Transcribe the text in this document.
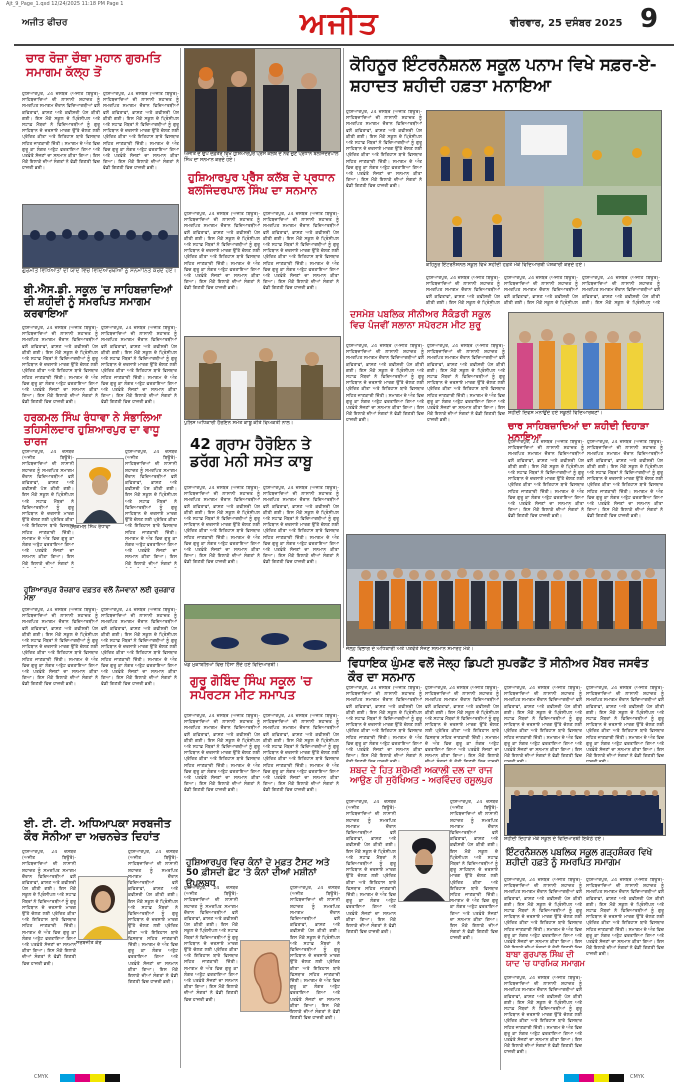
Ajt_9_Page_1.qxd 12/24/2025 11:18 PM Page 1
ਅਜੀਤ ਫੀਚਰ	ਅਜੀਤ	ਵੀਰਵਾਰ, 25 ਦਸੰਬਰ 2025 9
ਚਾਰ ਰੋਜ਼ਾ ਚੌਥਾ ਮਹਾਨ ਗੁਰਮਤਿ ਸਮਾਗਮ ਕੱਲ੍ਹ ਤੋਂ
ਹੁਸ਼ਿਆਰਪੁਰ, 24 ਦਸੰਬਰ (ਅਜੀਤ ਬਿਊਰੋ)- ਸਾਹਿਬਜ਼ਾਦਿਆਂ ਦੀ ਲਾਸਾਨੀ ਸ਼ਹਾਦਤ ਨੂੰ ਸਮਰਪਿਤ ਸਮਾਗਮ ਦੌਰਾਨ ਵਿਦਿਆਰਥੀਆਂ ਵਲੋਂ ਕਵਿਤਾਵਾਂ, ਭਾਸ਼ਣ ਅਤੇ ਕਵੀਸ਼ਰੀ ਪੇਸ਼ ਕੀਤੀ ਗਈ। ਇਸ ਮੌਕੇ ਸਕੂਲ ਦੇ ਪ੍ਰਿੰਸੀਪਲ ਅਤੇ ਸਟਾਫ਼ ਮੈਂਬਰਾਂ ਨੇ ਵਿਦਿਆਰਥੀਆਂ ਨੂੰ ਗੁਰੂ ਸਾਹਿਬਾਨ ਦੇ ਦਰਸਾਏ ਮਾਰਗ ਉੱਤੇ ਚੱਲਣ ਲਈ ਪ੍ਰੇਰਿਤ ਕੀਤਾ ਅਤੇ ਇਤਿਹਾਸ ਬਾਰੇ ਵਿਸਥਾਰ ਸਹਿਤ ਜਾਣਕਾਰੀ ਦਿੱਤੀ। ਸਮਾਗਮ ਦੇ ਅੰਤ ਵਿਚ ਗੁਰੂ ਕਾ ਲੰਗਰ ਅਤੁੱਟ ਵਰਤਾਇਆ ਗਿਆ ਅਤੇ ਪਤਵੰਤੇ ਸੱਜਣਾਂ ਦਾ ਸਨਮਾਨ ਕੀਤਾ ਗਿਆ। ਇਸ ਮੌਕੇ ਇਲਾਕੇ ਦੀਆਂ ਸੰਗਤਾਂ ਨੇ ਵੱਡੀ ਗਿਣਤੀ ਵਿਚ ਹਾਜ਼ਰੀ ਭਰੀ।
ਹੁਸ਼ਿਆਰਪੁਰ, 24 ਦਸੰਬਰ (ਅਜੀਤ ਬਿਊਰੋ)- ਸਾਹਿਬਜ਼ਾਦਿਆਂ ਦੀ ਲਾਸਾਨੀ ਸ਼ਹਾਦਤ ਨੂੰ ਸਮਰਪਿਤ ਸਮਾਗਮ ਦੌਰਾਨ ਵਿਦਿਆਰਥੀਆਂ ਵਲੋਂ ਕਵਿਤਾਵਾਂ, ਭਾਸ਼ਣ ਅਤੇ ਕਵੀਸ਼ਰੀ ਪੇਸ਼ ਕੀਤੀ ਗਈ। ਇਸ ਮੌਕੇ ਸਕੂਲ ਦੇ ਪ੍ਰਿੰਸੀਪਲ ਅਤੇ ਸਟਾਫ਼ ਮੈਂਬਰਾਂ ਨੇ ਵਿਦਿਆਰਥੀਆਂ ਨੂੰ ਗੁਰੂ ਸਾਹਿਬਾਨ ਦੇ ਦਰਸਾਏ ਮਾਰਗ ਉੱਤੇ ਚੱਲਣ ਲਈ ਪ੍ਰੇਰਿਤ ਕੀਤਾ ਅਤੇ ਇਤਿਹਾਸ ਬਾਰੇ ਵਿਸਥਾਰ ਸਹਿਤ ਜਾਣਕਾਰੀ ਦਿੱਤੀ। ਸਮਾਗਮ ਦੇ ਅੰਤ ਵਿਚ ਗੁਰੂ ਕਾ ਲੰਗਰ ਅਤੁੱਟ ਵਰਤਾਇਆ ਗਿਆ ਅਤੇ ਪਤਵੰਤੇ ਸੱਜਣਾਂ ਦਾ ਸਨਮਾਨ ਕੀਤਾ ਗਿਆ। ਇਸ ਮੌਕੇ ਇਲਾਕੇ ਦੀਆਂ ਸੰਗਤਾਂ ਨੇ ਵੱਡੀ ਗਿਣਤੀ ਵਿਚ ਹਾਜ਼ਰੀ ਭਰੀ।
ਗੁਰਮਤਿ ਵਿਖਿਆਤਾਂ ਦੀ ਯਾਦ ਵਿਚ ਵਿਦਿਆਰਥੀਆਂ ਨੂੰ ਸਨਮਾਨਿਤ ਕਰਦੇ ਹੋਏ।
ਬੀ.ਐਸ.ਡੀ. ਸਕੂਲ 'ਚ ਸਾਹਿਬਜ਼ਾਦਿਆਂ ਦੀ ਸ਼ਹੀਦੀ ਨੂੰ ਸਮਰਪਿਤ ਸਮਾਗਮ ਕਰਵਾਇਆ
ਹੁਸ਼ਿਆਰਪੁਰ, 24 ਦਸੰਬਰ (ਅਜੀਤ ਬਿਊਰੋ)- ਸਾਹਿਬਜ਼ਾਦਿਆਂ ਦੀ ਲਾਸਾਨੀ ਸ਼ਹਾਦਤ ਨੂੰ ਸਮਰਪਿਤ ਸਮਾਗਮ ਦੌਰਾਨ ਵਿਦਿਆਰਥੀਆਂ ਵਲੋਂ ਕਵਿਤਾਵਾਂ, ਭਾਸ਼ਣ ਅਤੇ ਕਵੀਸ਼ਰੀ ਪੇਸ਼ ਕੀਤੀ ਗਈ। ਇਸ ਮੌਕੇ ਸਕੂਲ ਦੇ ਪ੍ਰਿੰਸੀਪਲ ਅਤੇ ਸਟਾਫ਼ ਮੈਂਬਰਾਂ ਨੇ ਵਿਦਿਆਰਥੀਆਂ ਨੂੰ ਗੁਰੂ ਸਾਹਿਬਾਨ ਦੇ ਦਰਸਾਏ ਮਾਰਗ ਉੱਤੇ ਚੱਲਣ ਲਈ ਪ੍ਰੇਰਿਤ ਕੀਤਾ ਅਤੇ ਇਤਿਹਾਸ ਬਾਰੇ ਵਿਸਥਾਰ ਸਹਿਤ ਜਾਣਕਾਰੀ ਦਿੱਤੀ। ਸਮਾਗਮ ਦੇ ਅੰਤ ਵਿਚ ਗੁਰੂ ਕਾ ਲੰਗਰ ਅਤੁੱਟ ਵਰਤਾਇਆ ਗਿਆ ਅਤੇ ਪਤਵੰਤੇ ਸੱਜਣਾਂ ਦਾ ਸਨਮਾਨ ਕੀਤਾ ਗਿਆ। ਇਸ ਮੌਕੇ ਇਲਾਕੇ ਦੀਆਂ ਸੰਗਤਾਂ ਨੇ ਵੱਡੀ ਗਿਣਤੀ ਵਿਚ ਹਾਜ਼ਰੀ ਭਰੀ।
ਹੁਸ਼ਿਆਰਪੁਰ, 24 ਦਸੰਬਰ (ਅਜੀਤ ਬਿਊਰੋ)- ਸਾਹਿਬਜ਼ਾਦਿਆਂ ਦੀ ਲਾਸਾਨੀ ਸ਼ਹਾਦਤ ਨੂੰ ਸਮਰਪਿਤ ਸਮਾਗਮ ਦੌਰਾਨ ਵਿਦਿਆਰਥੀਆਂ ਵਲੋਂ ਕਵਿਤਾਵਾਂ, ਭਾਸ਼ਣ ਅਤੇ ਕਵੀਸ਼ਰੀ ਪੇਸ਼ ਕੀਤੀ ਗਈ। ਇਸ ਮੌਕੇ ਸਕੂਲ ਦੇ ਪ੍ਰਿੰਸੀਪਲ ਅਤੇ ਸਟਾਫ਼ ਮੈਂਬਰਾਂ ਨੇ ਵਿਦਿਆਰਥੀਆਂ ਨੂੰ ਗੁਰੂ ਸਾਹਿਬਾਨ ਦੇ ਦਰਸਾਏ ਮਾਰਗ ਉੱਤੇ ਚੱਲਣ ਲਈ ਪ੍ਰੇਰਿਤ ਕੀਤਾ ਅਤੇ ਇਤਿਹਾਸ ਬਾਰੇ ਵਿਸਥਾਰ ਸਹਿਤ ਜਾਣਕਾਰੀ ਦਿੱਤੀ। ਸਮਾਗਮ ਦੇ ਅੰਤ ਵਿਚ ਗੁਰੂ ਕਾ ਲੰਗਰ ਅਤੁੱਟ ਵਰਤਾਇਆ ਗਿਆ ਅਤੇ ਪਤਵੰਤੇ ਸੱਜਣਾਂ ਦਾ ਸਨਮਾਨ ਕੀਤਾ ਗਿਆ। ਇਸ ਮੌਕੇ ਇਲਾਕੇ ਦੀਆਂ ਸੰਗਤਾਂ ਨੇ ਵੱਡੀ ਗਿਣਤੀ ਵਿਚ ਹਾਜ਼ਰੀ ਭਰੀ।
ਹਰਕਮਲ ਸਿੰਘ ਰੰਧਾਵਾ ਨੇ ਸੰਭਾਲਿਆ ਤਹਿਸੀਲਦਾਰ ਹੁਸ਼ਿਆਰਪੁਰ ਦਾ ਵਾਧੂ ਚਾਰਜ
ਹੁਸ਼ਿਆਰਪੁਰ, 24 ਦਸੰਬਰ (ਅਜੀਤ ਬਿਊਰੋ)- ਸਾਹਿਬਜ਼ਾਦਿਆਂ ਦੀ ਲਾਸਾਨੀ ਸ਼ਹਾਦਤ ਨੂੰ ਸਮਰਪਿਤ ਸਮਾਗਮ ਦੌਰਾਨ ਵਿਦਿਆਰਥੀਆਂ ਵਲੋਂ ਕਵਿਤਾਵਾਂ, ਭਾਸ਼ਣ ਅਤੇ ਕਵੀਸ਼ਰੀ ਪੇਸ਼ ਕੀਤੀ ਗਈ। ਇਸ ਮੌਕੇ ਸਕੂਲ ਦੇ ਪ੍ਰਿੰਸੀਪਲ ਅਤੇ ਸਟਾਫ਼ ਮੈਂਬਰਾਂ ਨੇ ਵਿਦਿਆਰਥੀਆਂ ਨੂੰ ਗੁਰੂ ਸਾਹਿਬਾਨ ਦੇ ਦਰਸਾਏ ਮਾਰਗ ਉੱਤੇ ਚੱਲਣ ਲਈ ਪ੍ਰੇਰਿਤ ਕੀਤਾ ਅਤੇ ਇਤਿਹਾਸ ਬਾਰੇ ਵਿਸਥਾਰ ਸਹਿਤ ਜਾਣਕਾਰੀ ਦਿੱਤੀ। ਸਮਾਗਮ ਦੇ ਅੰਤ ਵਿਚ ਗੁਰੂ ਕਾ ਲੰਗਰ ਅਤੁੱਟ ਵਰਤਾਇਆ ਗਿਆ ਅਤੇ ਪਤਵੰਤੇ ਸੱਜਣਾਂ ਦਾ ਸਨਮਾਨ ਕੀਤਾ ਗਿਆ। ਇਸ ਮੌਕੇ ਇਲਾਕੇ ਦੀਆਂ ਸੰਗਤਾਂ ਨੇ
ਹਰਕਮਲ ਸਿੰਘ ਰੰਧਾਵਾ
ਹੁਸ਼ਿਆਰਪੁਰ, 24 ਦਸੰਬਰ (ਅਜੀਤ ਬਿਊਰੋ)- ਸਾਹਿਬਜ਼ਾਦਿਆਂ ਦੀ ਲਾਸਾਨੀ ਸ਼ਹਾਦਤ ਨੂੰ ਸਮਰਪਿਤ ਸਮਾਗਮ ਦੌਰਾਨ ਵਿਦਿਆਰਥੀਆਂ ਵਲੋਂ ਕਵਿਤਾਵਾਂ, ਭਾਸ਼ਣ ਅਤੇ ਕਵੀਸ਼ਰੀ ਪੇਸ਼ ਕੀਤੀ ਗਈ। ਇਸ ਮੌਕੇ ਸਕੂਲ ਦੇ ਪ੍ਰਿੰਸੀਪਲ ਅਤੇ ਸਟਾਫ਼ ਮੈਂਬਰਾਂ ਨੇ ਵਿਦਿਆਰਥੀਆਂ ਨੂੰ ਗੁਰੂ ਸਾਹਿਬਾਨ ਦੇ ਦਰਸਾਏ ਮਾਰਗ ਉੱਤੇ ਚੱਲਣ ਲਈ ਪ੍ਰੇਰਿਤ ਕੀਤਾ ਅਤੇ ਇਤਿਹਾਸ ਬਾਰੇ ਵਿਸਥਾਰ ਸਹਿਤ ਜਾਣਕਾਰੀ ਦਿੱਤੀ। ਸਮਾਗਮ ਦੇ ਅੰਤ ਵਿਚ ਗੁਰੂ ਕਾ ਲੰਗਰ ਅਤੁੱਟ ਵਰਤਾਇਆ ਗਿਆ ਅਤੇ ਪਤਵੰਤੇ ਸੱਜਣਾਂ ਦਾ ਸਨਮਾਨ ਕੀਤਾ ਗਿਆ। ਇਸ ਮੌਕੇ ਇਲਾਕੇ ਦੀਆਂ ਸੰਗਤਾਂ ਨੇ
ਹੁਸ਼ਿਆਰਪੁਰ ਰੋਜ਼ਗਾਰ ਦਫ਼ਤਰ ਵਲੋਂ ਨੌਜਵਾਨਾਂ ਲਈ ਰੁਜ਼ਗਾਰ ਮੇਲਾ
ਹੁਸ਼ਿਆਰਪੁਰ, 24 ਦਸੰਬਰ (ਅਜੀਤ ਬਿਊਰੋ)- ਸਾਹਿਬਜ਼ਾਦਿਆਂ ਦੀ ਲਾਸਾਨੀ ਸ਼ਹਾਦਤ ਨੂੰ ਸਮਰਪਿਤ ਸਮਾਗਮ ਦੌਰਾਨ ਵਿਦਿਆਰਥੀਆਂ ਵਲੋਂ ਕਵਿਤਾਵਾਂ, ਭਾਸ਼ਣ ਅਤੇ ਕਵੀਸ਼ਰੀ ਪੇਸ਼ ਕੀਤੀ ਗਈ। ਇਸ ਮੌਕੇ ਸਕੂਲ ਦੇ ਪ੍ਰਿੰਸੀਪਲ ਅਤੇ ਸਟਾਫ਼ ਮੈਂਬਰਾਂ ਨੇ ਵਿਦਿਆਰਥੀਆਂ ਨੂੰ ਗੁਰੂ ਸਾਹਿਬਾਨ ਦੇ ਦਰਸਾਏ ਮਾਰਗ ਉੱਤੇ ਚੱਲਣ ਲਈ ਪ੍ਰੇਰਿਤ ਕੀਤਾ ਅਤੇ ਇਤਿਹਾਸ ਬਾਰੇ ਵਿਸਥਾਰ ਸਹਿਤ ਜਾਣਕਾਰੀ ਦਿੱਤੀ। ਸਮਾਗਮ ਦੇ ਅੰਤ ਵਿਚ ਗੁਰੂ ਕਾ ਲੰਗਰ ਅਤੁੱਟ ਵਰਤਾਇਆ ਗਿਆ ਅਤੇ ਪਤਵੰਤੇ ਸੱਜਣਾਂ ਦਾ ਸਨਮਾਨ ਕੀਤਾ ਗਿਆ। ਇਸ ਮੌਕੇ ਇਲਾਕੇ ਦੀਆਂ ਸੰਗਤਾਂ ਨੇ ਵੱਡੀ ਗਿਣਤੀ ਵਿਚ ਹਾਜ਼ਰੀ ਭਰੀ।
ਹੁਸ਼ਿਆਰਪੁਰ, 24 ਦਸੰਬਰ (ਅਜੀਤ ਬਿਊਰੋ)- ਸਾਹਿਬਜ਼ਾਦਿਆਂ ਦੀ ਲਾਸਾਨੀ ਸ਼ਹਾਦਤ ਨੂੰ ਸਮਰਪਿਤ ਸਮਾਗਮ ਦੌਰਾਨ ਵਿਦਿਆਰਥੀਆਂ ਵਲੋਂ ਕਵਿਤਾਵਾਂ, ਭਾਸ਼ਣ ਅਤੇ ਕਵੀਸ਼ਰੀ ਪੇਸ਼ ਕੀਤੀ ਗਈ। ਇਸ ਮੌਕੇ ਸਕੂਲ ਦੇ ਪ੍ਰਿੰਸੀਪਲ ਅਤੇ ਸਟਾਫ਼ ਮੈਂਬਰਾਂ ਨੇ ਵਿਦਿਆਰਥੀਆਂ ਨੂੰ ਗੁਰੂ ਸਾਹਿਬਾਨ ਦੇ ਦਰਸਾਏ ਮਾਰਗ ਉੱਤੇ ਚੱਲਣ ਲਈ ਪ੍ਰੇਰਿਤ ਕੀਤਾ ਅਤੇ ਇਤਿਹਾਸ ਬਾਰੇ ਵਿਸਥਾਰ ਸਹਿਤ ਜਾਣਕਾਰੀ ਦਿੱਤੀ। ਸਮਾਗਮ ਦੇ ਅੰਤ ਵਿਚ ਗੁਰੂ ਕਾ ਲੰਗਰ ਅਤੁੱਟ ਵਰਤਾਇਆ ਗਿਆ ਅਤੇ ਪਤਵੰਤੇ ਸੱਜਣਾਂ ਦਾ ਸਨਮਾਨ ਕੀਤਾ ਗਿਆ। ਇਸ ਮੌਕੇ ਇਲਾਕੇ ਦੀਆਂ ਸੰਗਤਾਂ ਨੇ ਵੱਡੀ ਗਿਣਤੀ ਵਿਚ ਹਾਜ਼ਰੀ ਭਰੀ।
ਈ. ਟੀ. ਟੀ. ਅਧਿਆਪਕਾ ਸਰਬਜੀਤ ਕੌਰ ਸੋਨੀਆ ਦਾ ਅਚਨਚੇਤ ਦਿਹਾਂਤ
ਹੁਸ਼ਿਆਰਪੁਰ, 24 ਦਸੰਬਰ (ਅਜੀਤ ਬਿਊਰੋ)- ਸਾਹਿਬਜ਼ਾਦਿਆਂ ਦੀ ਲਾਸਾਨੀ ਸ਼ਹਾਦਤ ਨੂੰ ਸਮਰਪਿਤ ਸਮਾਗਮ ਦੌਰਾਨ ਵਿਦਿਆਰਥੀਆਂ ਵਲੋਂ ਕਵਿਤਾਵਾਂ, ਭਾਸ਼ਣ ਅਤੇ ਕਵੀਸ਼ਰੀ ਪੇਸ਼ ਕੀਤੀ ਗਈ। ਇਸ ਮੌਕੇ ਸਕੂਲ ਦੇ ਪ੍ਰਿੰਸੀਪਲ ਅਤੇ ਸਟਾਫ਼ ਮੈਂਬਰਾਂ ਨੇ ਵਿਦਿਆਰਥੀਆਂ ਨੂੰ ਗੁਰੂ ਸਾਹਿਬਾਨ ਦੇ ਦਰਸਾਏ ਮਾਰਗ ਉੱਤੇ ਚੱਲਣ ਲਈ ਪ੍ਰੇਰਿਤ ਕੀਤਾ ਅਤੇ ਇਤਿਹਾਸ ਬਾਰੇ ਵਿਸਥਾਰ ਸਹਿਤ ਜਾਣਕਾਰੀ ਦਿੱਤੀ। ਸਮਾਗਮ ਦੇ ਅੰਤ ਵਿਚ ਗੁਰੂ ਕਾ ਲੰਗਰ ਅਤੁੱਟ ਵਰਤਾਇਆ ਗਿਆ ਅਤੇ ਪਤਵੰਤੇ ਸੱਜਣਾਂ ਦਾ ਸਨਮਾਨ ਕੀਤਾ ਗਿਆ। ਇਸ ਮੌਕੇ ਇਲਾਕੇ ਦੀਆਂ ਸੰਗਤਾਂ ਨੇ ਵੱਡੀ ਗਿਣਤੀ ਵਿਚ ਹਾਜ਼ਰੀ ਭਰੀ।
ਸਰਬਜੀਤ ਕੌਰ
ਹੁਸ਼ਿਆਰਪੁਰ, 24 ਦਸੰਬਰ (ਅਜੀਤ ਬਿਊਰੋ)- ਸਾਹਿਬਜ਼ਾਦਿਆਂ ਦੀ ਲਾਸਾਨੀ ਸ਼ਹਾਦਤ ਨੂੰ ਸਮਰਪਿਤ ਸਮਾਗਮ ਦੌਰਾਨ ਵਿਦਿਆਰਥੀਆਂ ਵਲੋਂ ਕਵਿਤਾਵਾਂ, ਭਾਸ਼ਣ ਅਤੇ ਕਵੀਸ਼ਰੀ ਪੇਸ਼ ਕੀਤੀ ਗਈ। ਇਸ ਮੌਕੇ ਸਕੂਲ ਦੇ ਪ੍ਰਿੰਸੀਪਲ ਅਤੇ ਸਟਾਫ਼ ਮੈਂਬਰਾਂ ਨੇ ਵਿਦਿਆਰਥੀਆਂ ਨੂੰ ਗੁਰੂ ਸਾਹਿਬਾਨ ਦੇ ਦਰਸਾਏ ਮਾਰਗ ਉੱਤੇ ਚੱਲਣ ਲਈ ਪ੍ਰੇਰਿਤ ਕੀਤਾ ਅਤੇ ਇਤਿਹਾਸ ਬਾਰੇ ਵਿਸਥਾਰ ਸਹਿਤ ਜਾਣਕਾਰੀ ਦਿੱਤੀ। ਸਮਾਗਮ ਦੇ ਅੰਤ ਵਿਚ ਗੁਰੂ ਕਾ ਲੰਗਰ ਅਤੁੱਟ ਵਰਤਾਇਆ ਗਿਆ ਅਤੇ ਪਤਵੰਤੇ ਸੱਜਣਾਂ ਦਾ ਸਨਮਾਨ ਕੀਤਾ ਗਿਆ। ਇਸ ਮੌਕੇ ਇਲਾਕੇ ਦੀਆਂ ਸੰਗਤਾਂ ਨੇ ਵੱਡੀ ਗਿਣਤੀ ਵਿਚ ਹਾਜ਼ਰੀ ਭਰੀ।
ਅਜੀਤ ਦੇ ਉਪ ਦਫ਼ਤਰ ਵਿਖੇ ਹੁਸ਼ਿਆਰਪੁਰ ਪ੍ਰੈੱਸ ਕਲੱਬ ਦੇ ਨਵੇਂ ਚੁਣੇ ਪ੍ਰਧਾਨ ਬਲਜਿੰਦਰਪਾਲ ਸਿੰਘ ਦਾ ਸਨਮਾਨ ਕਰਦੇ ਹੋਏ।
ਹੁਸ਼ਿਆਰਪੁਰ ਪ੍ਰੈੱਸ ਕਲੱਬ ਦੇ ਪ੍ਰਧਾਨ ਬਲਜਿੰਦਰਪਾਲ ਸਿੰਘ ਦਾ ਸਨਮਾਨ
ਹੁਸ਼ਿਆਰਪੁਰ, 24 ਦਸੰਬਰ (ਅਜੀਤ ਬਿਊਰੋ)- ਸਾਹਿਬਜ਼ਾਦਿਆਂ ਦੀ ਲਾਸਾਨੀ ਸ਼ਹਾਦਤ ਨੂੰ ਸਮਰਪਿਤ ਸਮਾਗਮ ਦੌਰਾਨ ਵਿਦਿਆਰਥੀਆਂ ਵਲੋਂ ਕਵਿਤਾਵਾਂ, ਭਾਸ਼ਣ ਅਤੇ ਕਵੀਸ਼ਰੀ ਪੇਸ਼ ਕੀਤੀ ਗਈ। ਇਸ ਮੌਕੇ ਸਕੂਲ ਦੇ ਪ੍ਰਿੰਸੀਪਲ ਅਤੇ ਸਟਾਫ਼ ਮੈਂਬਰਾਂ ਨੇ ਵਿਦਿਆਰਥੀਆਂ ਨੂੰ ਗੁਰੂ ਸਾਹਿਬਾਨ ਦੇ ਦਰਸਾਏ ਮਾਰਗ ਉੱਤੇ ਚੱਲਣ ਲਈ ਪ੍ਰੇਰਿਤ ਕੀਤਾ ਅਤੇ ਇਤਿਹਾਸ ਬਾਰੇ ਵਿਸਥਾਰ ਸਹਿਤ ਜਾਣਕਾਰੀ ਦਿੱਤੀ। ਸਮਾਗਮ ਦੇ ਅੰਤ ਵਿਚ ਗੁਰੂ ਕਾ ਲੰਗਰ ਅਤੁੱਟ ਵਰਤਾਇਆ ਗਿਆ ਅਤੇ ਪਤਵੰਤੇ ਸੱਜਣਾਂ ਦਾ ਸਨਮਾਨ ਕੀਤਾ ਗਿਆ। ਇਸ ਮੌਕੇ ਇਲਾਕੇ ਦੀਆਂ ਸੰਗਤਾਂ ਨੇ ਵੱਡੀ ਗਿਣਤੀ ਵਿਚ ਹਾਜ਼ਰੀ ਭਰੀ।
ਹੁਸ਼ਿਆਰਪੁਰ, 24 ਦਸੰਬਰ (ਅਜੀਤ ਬਿਊਰੋ)- ਸਾਹਿਬਜ਼ਾਦਿਆਂ ਦੀ ਲਾਸਾਨੀ ਸ਼ਹਾਦਤ ਨੂੰ ਸਮਰਪਿਤ ਸਮਾਗਮ ਦੌਰਾਨ ਵਿਦਿਆਰਥੀਆਂ ਵਲੋਂ ਕਵਿਤਾਵਾਂ, ਭਾਸ਼ਣ ਅਤੇ ਕਵੀਸ਼ਰੀ ਪੇਸ਼ ਕੀਤੀ ਗਈ। ਇਸ ਮੌਕੇ ਸਕੂਲ ਦੇ ਪ੍ਰਿੰਸੀਪਲ ਅਤੇ ਸਟਾਫ਼ ਮੈਂਬਰਾਂ ਨੇ ਵਿਦਿਆਰਥੀਆਂ ਨੂੰ ਗੁਰੂ ਸਾਹਿਬਾਨ ਦੇ ਦਰਸਾਏ ਮਾਰਗ ਉੱਤੇ ਚੱਲਣ ਲਈ ਪ੍ਰੇਰਿਤ ਕੀਤਾ ਅਤੇ ਇਤਿਹਾਸ ਬਾਰੇ ਵਿਸਥਾਰ ਸਹਿਤ ਜਾਣਕਾਰੀ ਦਿੱਤੀ। ਸਮਾਗਮ ਦੇ ਅੰਤ ਵਿਚ ਗੁਰੂ ਕਾ ਲੰਗਰ ਅਤੁੱਟ ਵਰਤਾਇਆ ਗਿਆ ਅਤੇ ਪਤਵੰਤੇ ਸੱਜਣਾਂ ਦਾ ਸਨਮਾਨ ਕੀਤਾ ਗਿਆ। ਇਸ ਮੌਕੇ ਇਲਾਕੇ ਦੀਆਂ ਸੰਗਤਾਂ ਨੇ ਵੱਡੀ ਗਿਣਤੀ ਵਿਚ ਹਾਜ਼ਰੀ ਭਰੀ।
ਪੁਲਿਸ ਅਧਿਕਾਰੀ ਹੈਰੋਇਨ ਸਮੇਤ ਕਾਬੂ ਕੀਤੇ ਵਿਅਕਤੀ ਨਾਲ।
42 ਗ੍ਰਾਮ ਹੈਰੋਇਨ ਤੇ ਡਰੱਗ ਮਨੀ ਸਮੇਤ ਕਾਬੂ
ਹੁਸ਼ਿਆਰਪੁਰ, 24 ਦਸੰਬਰ (ਅਜੀਤ ਬਿਊਰੋ)- ਸਾਹਿਬਜ਼ਾਦਿਆਂ ਦੀ ਲਾਸਾਨੀ ਸ਼ਹਾਦਤ ਨੂੰ ਸਮਰਪਿਤ ਸਮਾਗਮ ਦੌਰਾਨ ਵਿਦਿਆਰਥੀਆਂ ਵਲੋਂ ਕਵਿਤਾਵਾਂ, ਭਾਸ਼ਣ ਅਤੇ ਕਵੀਸ਼ਰੀ ਪੇਸ਼ ਕੀਤੀ ਗਈ। ਇਸ ਮੌਕੇ ਸਕੂਲ ਦੇ ਪ੍ਰਿੰਸੀਪਲ ਅਤੇ ਸਟਾਫ਼ ਮੈਂਬਰਾਂ ਨੇ ਵਿਦਿਆਰਥੀਆਂ ਨੂੰ ਗੁਰੂ ਸਾਹਿਬਾਨ ਦੇ ਦਰਸਾਏ ਮਾਰਗ ਉੱਤੇ ਚੱਲਣ ਲਈ ਪ੍ਰੇਰਿਤ ਕੀਤਾ ਅਤੇ ਇਤਿਹਾਸ ਬਾਰੇ ਵਿਸਥਾਰ ਸਹਿਤ ਜਾਣਕਾਰੀ ਦਿੱਤੀ। ਸਮਾਗਮ ਦੇ ਅੰਤ ਵਿਚ ਗੁਰੂ ਕਾ ਲੰਗਰ ਅਤੁੱਟ ਵਰਤਾਇਆ ਗਿਆ ਅਤੇ ਪਤਵੰਤੇ ਸੱਜਣਾਂ ਦਾ ਸਨਮਾਨ ਕੀਤਾ ਗਿਆ। ਇਸ ਮੌਕੇ ਇਲਾਕੇ ਦੀਆਂ ਸੰਗਤਾਂ ਨੇ ਵੱਡੀ ਗਿਣਤੀ ਵਿਚ ਹਾਜ਼ਰੀ ਭਰੀ।
ਹੁਸ਼ਿਆਰਪੁਰ, 24 ਦਸੰਬਰ (ਅਜੀਤ ਬਿਊਰੋ)- ਸਾਹਿਬਜ਼ਾਦਿਆਂ ਦੀ ਲਾਸਾਨੀ ਸ਼ਹਾਦਤ ਨੂੰ ਸਮਰਪਿਤ ਸਮਾਗਮ ਦੌਰਾਨ ਵਿਦਿਆਰਥੀਆਂ ਵਲੋਂ ਕਵਿਤਾਵਾਂ, ਭਾਸ਼ਣ ਅਤੇ ਕਵੀਸ਼ਰੀ ਪੇਸ਼ ਕੀਤੀ ਗਈ। ਇਸ ਮੌਕੇ ਸਕੂਲ ਦੇ ਪ੍ਰਿੰਸੀਪਲ ਅਤੇ ਸਟਾਫ਼ ਮੈਂਬਰਾਂ ਨੇ ਵਿਦਿਆਰਥੀਆਂ ਨੂੰ ਗੁਰੂ ਸਾਹਿਬਾਨ ਦੇ ਦਰਸਾਏ ਮਾਰਗ ਉੱਤੇ ਚੱਲਣ ਲਈ ਪ੍ਰੇਰਿਤ ਕੀਤਾ ਅਤੇ ਇਤਿਹਾਸ ਬਾਰੇ ਵਿਸਥਾਰ ਸਹਿਤ ਜਾਣਕਾਰੀ ਦਿੱਤੀ। ਸਮਾਗਮ ਦੇ ਅੰਤ ਵਿਚ ਗੁਰੂ ਕਾ ਲੰਗਰ ਅਤੁੱਟ ਵਰਤਾਇਆ ਗਿਆ ਅਤੇ ਪਤਵੰਤੇ ਸੱਜਣਾਂ ਦਾ ਸਨਮਾਨ ਕੀਤਾ ਗਿਆ। ਇਸ ਮੌਕੇ ਇਲਾਕੇ ਦੀਆਂ ਸੰਗਤਾਂ ਨੇ ਵੱਡੀ ਗਿਣਤੀ ਵਿਚ ਹਾਜ਼ਰੀ ਭਰੀ।
ਖੇਡ ਮੁਕਾਬਲਿਆਂ ਵਿਚ ਹਿੱਸਾ ਲੈਂਦੇ ਹੋਏ ਵਿਦਿਆਰਥੀ।
ਗੁਰੂ ਗੋਬਿੰਦ ਸਿੰਘ ਸਕੂਲ 'ਚ ਸਪੋਰਟਸ ਮੀਟ ਸਮਾਪਤ
ਹੁਸ਼ਿਆਰਪੁਰ, 24 ਦਸੰਬਰ (ਅਜੀਤ ਬਿਊਰੋ)- ਸਾਹਿਬਜ਼ਾਦਿਆਂ ਦੀ ਲਾਸਾਨੀ ਸ਼ਹਾਦਤ ਨੂੰ ਸਮਰਪਿਤ ਸਮਾਗਮ ਦੌਰਾਨ ਵਿਦਿਆਰਥੀਆਂ ਵਲੋਂ ਕਵਿਤਾਵਾਂ, ਭਾਸ਼ਣ ਅਤੇ ਕਵੀਸ਼ਰੀ ਪੇਸ਼ ਕੀਤੀ ਗਈ। ਇਸ ਮੌਕੇ ਸਕੂਲ ਦੇ ਪ੍ਰਿੰਸੀਪਲ ਅਤੇ ਸਟਾਫ਼ ਮੈਂਬਰਾਂ ਨੇ ਵਿਦਿਆਰਥੀਆਂ ਨੂੰ ਗੁਰੂ ਸਾਹਿਬਾਨ ਦੇ ਦਰਸਾਏ ਮਾਰਗ ਉੱਤੇ ਚੱਲਣ ਲਈ ਪ੍ਰੇਰਿਤ ਕੀਤਾ ਅਤੇ ਇਤਿਹਾਸ ਬਾਰੇ ਵਿਸਥਾਰ ਸਹਿਤ ਜਾਣਕਾਰੀ ਦਿੱਤੀ। ਸਮਾਗਮ ਦੇ ਅੰਤ ਵਿਚ ਗੁਰੂ ਕਾ ਲੰਗਰ ਅਤੁੱਟ ਵਰਤਾਇਆ ਗਿਆ ਅਤੇ ਪਤਵੰਤੇ ਸੱਜਣਾਂ ਦਾ ਸਨਮਾਨ ਕੀਤਾ ਗਿਆ। ਇਸ ਮੌਕੇ ਇਲਾਕੇ ਦੀਆਂ ਸੰਗਤਾਂ ਨੇ ਵੱਡੀ ਗਿਣਤੀ ਵਿਚ ਹਾਜ਼ਰੀ ਭਰੀ।
ਹੁਸ਼ਿਆਰਪੁਰ, 24 ਦਸੰਬਰ (ਅਜੀਤ ਬਿਊਰੋ)- ਸਾਹਿਬਜ਼ਾਦਿਆਂ ਦੀ ਲਾਸਾਨੀ ਸ਼ਹਾਦਤ ਨੂੰ ਸਮਰਪਿਤ ਸਮਾਗਮ ਦੌਰਾਨ ਵਿਦਿਆਰਥੀਆਂ ਵਲੋਂ ਕਵਿਤਾਵਾਂ, ਭਾਸ਼ਣ ਅਤੇ ਕਵੀਸ਼ਰੀ ਪੇਸ਼ ਕੀਤੀ ਗਈ। ਇਸ ਮੌਕੇ ਸਕੂਲ ਦੇ ਪ੍ਰਿੰਸੀਪਲ ਅਤੇ ਸਟਾਫ਼ ਮੈਂਬਰਾਂ ਨੇ ਵਿਦਿਆਰਥੀਆਂ ਨੂੰ ਗੁਰੂ ਸਾਹਿਬਾਨ ਦੇ ਦਰਸਾਏ ਮਾਰਗ ਉੱਤੇ ਚੱਲਣ ਲਈ ਪ੍ਰੇਰਿਤ ਕੀਤਾ ਅਤੇ ਇਤਿਹਾਸ ਬਾਰੇ ਵਿਸਥਾਰ ਸਹਿਤ ਜਾਣਕਾਰੀ ਦਿੱਤੀ। ਸਮਾਗਮ ਦੇ ਅੰਤ ਵਿਚ ਗੁਰੂ ਕਾ ਲੰਗਰ ਅਤੁੱਟ ਵਰਤਾਇਆ ਗਿਆ ਅਤੇ ਪਤਵੰਤੇ ਸੱਜਣਾਂ ਦਾ ਸਨਮਾਨ ਕੀਤਾ ਗਿਆ। ਇਸ ਮੌਕੇ ਇਲਾਕੇ ਦੀਆਂ ਸੰਗਤਾਂ ਨੇ ਵੱਡੀ ਗਿਣਤੀ ਵਿਚ ਹਾਜ਼ਰੀ ਭਰੀ।
ਹੁਸ਼ਿਆਰਪੁਰ ਵਿਚ ਕੰਨਾਂ ਦੇ ਮੁਫ਼ਤ ਟੈਸਟ ਅਤੇ 50 ਫ਼ੀਸਦੀ ਛੋਟ 'ਤੇ ਕੰਨਾਂ ਦੀਆਂ ਮਸ਼ੀਨਾਂ ਉਪਲਬਧ
ਹੁਸ਼ਿਆਰਪੁਰ, 24 ਦਸੰਬਰ (ਅਜੀਤ ਬਿਊਰੋ)- ਸਾਹਿਬਜ਼ਾਦਿਆਂ ਦੀ ਲਾਸਾਨੀ ਸ਼ਹਾਦਤ ਨੂੰ ਸਮਰਪਿਤ ਸਮਾਗਮ ਦੌਰਾਨ ਵਿਦਿਆਰਥੀਆਂ ਵਲੋਂ ਕਵਿਤਾਵਾਂ, ਭਾਸ਼ਣ ਅਤੇ ਕਵੀਸ਼ਰੀ ਪੇਸ਼ ਕੀਤੀ ਗਈ। ਇਸ ਮੌਕੇ ਸਕੂਲ ਦੇ ਪ੍ਰਿੰਸੀਪਲ ਅਤੇ ਸਟਾਫ਼ ਮੈਂਬਰਾਂ ਨੇ ਵਿਦਿਆਰਥੀਆਂ ਨੂੰ ਗੁਰੂ ਸਾਹਿਬਾਨ ਦੇ ਦਰਸਾਏ ਮਾਰਗ ਉੱਤੇ ਚੱਲਣ ਲਈ ਪ੍ਰੇਰਿਤ ਕੀਤਾ ਅਤੇ ਇਤਿਹਾਸ ਬਾਰੇ ਵਿਸਥਾਰ ਸਹਿਤ ਜਾਣਕਾਰੀ ਦਿੱਤੀ। ਸਮਾਗਮ ਦੇ ਅੰਤ ਵਿਚ ਗੁਰੂ ਕਾ ਲੰਗਰ ਅਤੁੱਟ ਵਰਤਾਇਆ ਗਿਆ ਅਤੇ ਪਤਵੰਤੇ ਸੱਜਣਾਂ ਦਾ ਸਨਮਾਨ ਕੀਤਾ ਗਿਆ। ਇਸ ਮੌਕੇ ਇਲਾਕੇ ਦੀਆਂ ਸੰਗਤਾਂ ਨੇ ਵੱਡੀ ਗਿਣਤੀ ਵਿਚ ਹਾਜ਼ਰੀ ਭਰੀ।
ਹੁਸ਼ਿਆਰਪੁਰ, 24 ਦਸੰਬਰ (ਅਜੀਤ ਬਿਊਰੋ)- ਸਾਹਿਬਜ਼ਾਦਿਆਂ ਦੀ ਲਾਸਾਨੀ ਸ਼ਹਾਦਤ ਨੂੰ ਸਮਰਪਿਤ ਸਮਾਗਮ ਦੌਰਾਨ ਵਿਦਿਆਰਥੀਆਂ ਵਲੋਂ ਕਵਿਤਾਵਾਂ, ਭਾਸ਼ਣ ਅਤੇ ਕਵੀਸ਼ਰੀ ਪੇਸ਼ ਕੀਤੀ ਗਈ। ਇਸ ਮੌਕੇ ਸਕੂਲ ਦੇ ਪ੍ਰਿੰਸੀਪਲ ਅਤੇ ਸਟਾਫ਼ ਮੈਂਬਰਾਂ ਨੇ ਵਿਦਿਆਰਥੀਆਂ ਨੂੰ ਗੁਰੂ ਸਾਹਿਬਾਨ ਦੇ ਦਰਸਾਏ ਮਾਰਗ ਉੱਤੇ ਚੱਲਣ ਲਈ ਪ੍ਰੇਰਿਤ ਕੀਤਾ ਅਤੇ ਇਤਿਹਾਸ ਬਾਰੇ ਵਿਸਥਾਰ ਸਹਿਤ ਜਾਣਕਾਰੀ ਦਿੱਤੀ। ਸਮਾਗਮ ਦੇ ਅੰਤ ਵਿਚ ਗੁਰੂ ਕਾ ਲੰਗਰ ਅਤੁੱਟ ਵਰਤਾਇਆ ਗਿਆ ਅਤੇ ਪਤਵੰਤੇ ਸੱਜਣਾਂ ਦਾ ਸਨਮਾਨ ਕੀਤਾ ਗਿਆ। ਇਸ ਮੌਕੇ ਇਲਾਕੇ ਦੀਆਂ ਸੰਗਤਾਂ ਨੇ ਵੱਡੀ ਗਿਣਤੀ ਵਿਚ ਹਾਜ਼ਰੀ ਭਰੀ।
ਕੋਹਿਨੂਰ ਇੰਟਰਨੈਸ਼ਨਲ ਸਕੂਲ ਪਨਾਮ ਵਿਖੇ ਸਫ਼ਰ-ਏ-ਸ਼ਹਾਦਤ ਸ਼ਹੀਦੀ ਹਫ਼ਤਾ ਮਨਾਇਆ
ਹੁਸ਼ਿਆਰਪੁਰ, 24 ਦਸੰਬਰ (ਅਜੀਤ ਬਿਊਰੋ)- ਸਾਹਿਬਜ਼ਾਦਿਆਂ ਦੀ ਲਾਸਾਨੀ ਸ਼ਹਾਦਤ ਨੂੰ ਸਮਰਪਿਤ ਸਮਾਗਮ ਦੌਰਾਨ ਵਿਦਿਆਰਥੀਆਂ ਵਲੋਂ ਕਵਿਤਾਵਾਂ, ਭਾਸ਼ਣ ਅਤੇ ਕਵੀਸ਼ਰੀ ਪੇਸ਼ ਕੀਤੀ ਗਈ। ਇਸ ਮੌਕੇ ਸਕੂਲ ਦੇ ਪ੍ਰਿੰਸੀਪਲ ਅਤੇ ਸਟਾਫ਼ ਮੈਂਬਰਾਂ ਨੇ ਵਿਦਿਆਰਥੀਆਂ ਨੂੰ ਗੁਰੂ ਸਾਹਿਬਾਨ ਦੇ ਦਰਸਾਏ ਮਾਰਗ ਉੱਤੇ ਚੱਲਣ ਲਈ ਪ੍ਰੇਰਿਤ ਕੀਤਾ ਅਤੇ ਇਤਿਹਾਸ ਬਾਰੇ ਵਿਸਥਾਰ ਸਹਿਤ ਜਾਣਕਾਰੀ ਦਿੱਤੀ। ਸਮਾਗਮ ਦੇ ਅੰਤ ਵਿਚ ਗੁਰੂ ਕਾ ਲੰਗਰ ਅਤੁੱਟ ਵਰਤਾਇਆ ਗਿਆ ਅਤੇ ਪਤਵੰਤੇ ਸੱਜਣਾਂ ਦਾ ਸਨਮਾਨ ਕੀਤਾ ਗਿਆ। ਇਸ ਮੌਕੇ ਇਲਾਕੇ ਦੀਆਂ ਸੰਗਤਾਂ ਨੇ ਵੱਡੀ ਗਿਣਤੀ ਵਿਚ ਹਾਜ਼ਰੀ ਭਰੀ।
ਕੋਹਿਨੂਰ ਇੰਟਰਨੈਸ਼ਨਲ ਸਕੂਲ ਵਿਖੇ ਸ਼ਹੀਦੀ ਹਫ਼ਤੇ ਮੌਕੇ ਵਿਦਿਆਰਥੀ ਪੇਸ਼ਕਾਰੀ ਕਰਦੇ ਹੋਏ।
ਹੁਸ਼ਿਆਰਪੁਰ, 24 ਦਸੰਬਰ (ਅਜੀਤ ਬਿਊਰੋ)- ਸਾਹਿਬਜ਼ਾਦਿਆਂ ਦੀ ਲਾਸਾਨੀ ਸ਼ਹਾਦਤ ਨੂੰ ਸਮਰਪਿਤ ਸਮਾਗਮ ਦੌਰਾਨ ਵਿਦਿਆਰਥੀਆਂ ਵਲੋਂ ਕਵਿਤਾਵਾਂ, ਭਾਸ਼ਣ ਅਤੇ ਕਵੀਸ਼ਰੀ ਪੇਸ਼ ਕੀਤੀ ਗਈ। ਇਸ ਮੌਕੇ ਸਕੂਲ ਦੇ ਪ੍ਰਿੰਸੀਪਲ
ਹੁਸ਼ਿਆਰਪੁਰ, 24 ਦਸੰਬਰ (ਅਜੀਤ ਬਿਊਰੋ)- ਸਾਹਿਬਜ਼ਾਦਿਆਂ ਦੀ ਲਾਸਾਨੀ ਸ਼ਹਾਦਤ ਨੂੰ ਸਮਰਪਿਤ ਸਮਾਗਮ ਦੌਰਾਨ ਵਿਦਿਆਰਥੀਆਂ ਵਲੋਂ ਕਵਿਤਾਵਾਂ, ਭਾਸ਼ਣ ਅਤੇ ਕਵੀਸ਼ਰੀ ਪੇਸ਼ ਕੀਤੀ ਗਈ। ਇਸ ਮੌਕੇ ਸਕੂਲ ਦੇ ਪ੍ਰਿੰਸੀਪਲ
ਹੁਸ਼ਿਆਰਪੁਰ, 24 ਦਸੰਬਰ (ਅਜੀਤ ਬਿਊਰੋ)- ਸਾਹਿਬਜ਼ਾਦਿਆਂ ਦੀ ਲਾਸਾਨੀ ਸ਼ਹਾਦਤ ਨੂੰ ਸਮਰਪਿਤ ਸਮਾਗਮ ਦੌਰਾਨ ਵਿਦਿਆਰਥੀਆਂ ਵਲੋਂ ਕਵਿਤਾਵਾਂ, ਭਾਸ਼ਣ ਅਤੇ ਕਵੀਸ਼ਰੀ ਪੇਸ਼ ਕੀਤੀ ਗਈ। ਇਸ ਮੌਕੇ ਸਕੂਲ ਦੇ ਪ੍ਰਿੰਸੀਪਲ ਅਤੇ
ਦਸਮੇਸ਼ ਪਬਲਿਕ ਸੀਨੀਅਰ ਸੈਕੰਡਰੀ ਸਕੂਲ ਵਿਚ ਪੰਜਵੀਂ ਸਲਾਨਾ ਸਪੋਰਟਸ ਮੀਟ ਸ਼ੁਰੂ
ਹੁਸ਼ਿਆਰਪੁਰ, 24 ਦਸੰਬਰ (ਅਜੀਤ ਬਿਊਰੋ)- ਸਾਹਿਬਜ਼ਾਦਿਆਂ ਦੀ ਲਾਸਾਨੀ ਸ਼ਹਾਦਤ ਨੂੰ ਸਮਰਪਿਤ ਸਮਾਗਮ ਦੌਰਾਨ ਵਿਦਿਆਰਥੀਆਂ ਵਲੋਂ ਕਵਿਤਾਵਾਂ, ਭਾਸ਼ਣ ਅਤੇ ਕਵੀਸ਼ਰੀ ਪੇਸ਼ ਕੀਤੀ ਗਈ। ਇਸ ਮੌਕੇ ਸਕੂਲ ਦੇ ਪ੍ਰਿੰਸੀਪਲ ਅਤੇ ਸਟਾਫ਼ ਮੈਂਬਰਾਂ ਨੇ ਵਿਦਿਆਰਥੀਆਂ ਨੂੰ ਗੁਰੂ ਸਾਹਿਬਾਨ ਦੇ ਦਰਸਾਏ ਮਾਰਗ ਉੱਤੇ ਚੱਲਣ ਲਈ ਪ੍ਰੇਰਿਤ ਕੀਤਾ ਅਤੇ ਇਤਿਹਾਸ ਬਾਰੇ ਵਿਸਥਾਰ ਸਹਿਤ ਜਾਣਕਾਰੀ ਦਿੱਤੀ। ਸਮਾਗਮ ਦੇ ਅੰਤ ਵਿਚ ਗੁਰੂ ਕਾ ਲੰਗਰ ਅਤੁੱਟ ਵਰਤਾਇਆ ਗਿਆ ਅਤੇ ਪਤਵੰਤੇ ਸੱਜਣਾਂ ਦਾ ਸਨਮਾਨ ਕੀਤਾ ਗਿਆ। ਇਸ ਮੌਕੇ ਇਲਾਕੇ ਦੀਆਂ ਸੰਗਤਾਂ ਨੇ ਵੱਡੀ ਗਿਣਤੀ ਵਿਚ ਹਾਜ਼ਰੀ ਭਰੀ।
ਹੁਸ਼ਿਆਰਪੁਰ, 24 ਦਸੰਬਰ (ਅਜੀਤ ਬਿਊਰੋ)- ਸਾਹਿਬਜ਼ਾਦਿਆਂ ਦੀ ਲਾਸਾਨੀ ਸ਼ਹਾਦਤ ਨੂੰ ਸਮਰਪਿਤ ਸਮਾਗਮ ਦੌਰਾਨ ਵਿਦਿਆਰਥੀਆਂ ਵਲੋਂ ਕਵਿਤਾਵਾਂ, ਭਾਸ਼ਣ ਅਤੇ ਕਵੀਸ਼ਰੀ ਪੇਸ਼ ਕੀਤੀ ਗਈ। ਇਸ ਮੌਕੇ ਸਕੂਲ ਦੇ ਪ੍ਰਿੰਸੀਪਲ ਅਤੇ ਸਟਾਫ਼ ਮੈਂਬਰਾਂ ਨੇ ਵਿਦਿਆਰਥੀਆਂ ਨੂੰ ਗੁਰੂ ਸਾਹਿਬਾਨ ਦੇ ਦਰਸਾਏ ਮਾਰਗ ਉੱਤੇ ਚੱਲਣ ਲਈ ਪ੍ਰੇਰਿਤ ਕੀਤਾ ਅਤੇ ਇਤਿਹਾਸ ਬਾਰੇ ਵਿਸਥਾਰ ਸਹਿਤ ਜਾਣਕਾਰੀ ਦਿੱਤੀ। ਸਮਾਗਮ ਦੇ ਅੰਤ ਵਿਚ ਗੁਰੂ ਕਾ ਲੰਗਰ ਅਤੁੱਟ ਵਰਤਾਇਆ ਗਿਆ ਅਤੇ ਪਤਵੰਤੇ ਸੱਜਣਾਂ ਦਾ ਸਨਮਾਨ ਕੀਤਾ ਗਿਆ। ਇਸ ਮੌਕੇ ਇਲਾਕੇ ਦੀਆਂ ਸੰਗਤਾਂ ਨੇ ਵੱਡੀ ਗਿਣਤੀ ਵਿਚ ਹਾਜ਼ਰੀ ਭਰੀ।
ਸ਼ਹੀਦੀ ਦਿਵਸ ਮਨਾਉਂਦੇ ਹੋਏ ਸਕੂਲੀ ਵਿਦਿਆਰਥਣਾਂ।
ਚਾਰ ਸਾਹਿਬਜ਼ਾਦਿਆਂ ਦਾ ਸ਼ਹੀਦੀ ਦਿਹਾੜਾ ਮਨਾਇਆ
ਹੁਸ਼ਿਆਰਪੁਰ, 24 ਦਸੰਬਰ (ਅਜੀਤ ਬਿਊਰੋ)- ਸਾਹਿਬਜ਼ਾਦਿਆਂ ਦੀ ਲਾਸਾਨੀ ਸ਼ਹਾਦਤ ਨੂੰ ਸਮਰਪਿਤ ਸਮਾਗਮ ਦੌਰਾਨ ਵਿਦਿਆਰਥੀਆਂ ਵਲੋਂ ਕਵਿਤਾਵਾਂ, ਭਾਸ਼ਣ ਅਤੇ ਕਵੀਸ਼ਰੀ ਪੇਸ਼ ਕੀਤੀ ਗਈ। ਇਸ ਮੌਕੇ ਸਕੂਲ ਦੇ ਪ੍ਰਿੰਸੀਪਲ ਅਤੇ ਸਟਾਫ਼ ਮੈਂਬਰਾਂ ਨੇ ਵਿਦਿਆਰਥੀਆਂ ਨੂੰ ਗੁਰੂ ਸਾਹਿਬਾਨ ਦੇ ਦਰਸਾਏ ਮਾਰਗ ਉੱਤੇ ਚੱਲਣ ਲਈ ਪ੍ਰੇਰਿਤ ਕੀਤਾ ਅਤੇ ਇਤਿਹਾਸ ਬਾਰੇ ਵਿਸਥਾਰ ਸਹਿਤ ਜਾਣਕਾਰੀ ਦਿੱਤੀ। ਸਮਾਗਮ ਦੇ ਅੰਤ ਵਿਚ ਗੁਰੂ ਕਾ ਲੰਗਰ ਅਤੁੱਟ ਵਰਤਾਇਆ ਗਿਆ ਅਤੇ ਪਤਵੰਤੇ ਸੱਜਣਾਂ ਦਾ ਸਨਮਾਨ ਕੀਤਾ ਗਿਆ। ਇਸ ਮੌਕੇ ਇਲਾਕੇ ਦੀਆਂ ਸੰਗਤਾਂ ਨੇ ਵੱਡੀ ਗਿਣਤੀ ਵਿਚ ਹਾਜ਼ਰੀ ਭਰੀ।
ਹੁਸ਼ਿਆਰਪੁਰ, 24 ਦਸੰਬਰ (ਅਜੀਤ ਬਿਊਰੋ)- ਸਾਹਿਬਜ਼ਾਦਿਆਂ ਦੀ ਲਾਸਾਨੀ ਸ਼ਹਾਦਤ ਨੂੰ ਸਮਰਪਿਤ ਸਮਾਗਮ ਦੌਰਾਨ ਵਿਦਿਆਰਥੀਆਂ ਵਲੋਂ ਕਵਿਤਾਵਾਂ, ਭਾਸ਼ਣ ਅਤੇ ਕਵੀਸ਼ਰੀ ਪੇਸ਼ ਕੀਤੀ ਗਈ। ਇਸ ਮੌਕੇ ਸਕੂਲ ਦੇ ਪ੍ਰਿੰਸੀਪਲ ਅਤੇ ਸਟਾਫ਼ ਮੈਂਬਰਾਂ ਨੇ ਵਿਦਿਆਰਥੀਆਂ ਨੂੰ ਗੁਰੂ ਸਾਹਿਬਾਨ ਦੇ ਦਰਸਾਏ ਮਾਰਗ ਉੱਤੇ ਚੱਲਣ ਲਈ ਪ੍ਰੇਰਿਤ ਕੀਤਾ ਅਤੇ ਇਤਿਹਾਸ ਬਾਰੇ ਵਿਸਥਾਰ ਸਹਿਤ ਜਾਣਕਾਰੀ ਦਿੱਤੀ। ਸਮਾਗਮ ਦੇ ਅੰਤ ਵਿਚ ਗੁਰੂ ਕਾ ਲੰਗਰ ਅਤੁੱਟ ਵਰਤਾਇਆ ਗਿਆ ਅਤੇ ਪਤਵੰਤੇ ਸੱਜਣਾਂ ਦਾ ਸਨਮਾਨ ਕੀਤਾ ਗਿਆ। ਇਸ ਮੌਕੇ ਇਲਾਕੇ ਦੀਆਂ ਸੰਗਤਾਂ ਨੇ ਵੱਡੀ ਗਿਣਤੀ ਵਿਚ ਹਾਜ਼ਰੀ ਭਰੀ।
ਜੇਲ੍ਹ ਵਿਭਾਗ ਦੇ ਅਧਿਕਾਰੀ ਅਤੇ ਪਤਵੰਤੇ ਸੱਜਣ ਸਨਮਾਨ ਸਮਾਰੋਹ ਮੌਕੇ।
ਵਿਧਾਇਕ ਘੁੰਮਣ ਵਲੋਂ ਜੇਲ੍ਹ ਡਿਪਟੀ ਸੁਪਰਡੈਂਟ ਤੋਂ ਸੀਨੀਅਰ ਮੈਂਬਰ ਜਸਵੰਤ ਕੌਰ ਦਾ ਸਨਮਾਨ
ਹੁਸ਼ਿਆਰਪੁਰ, 24 ਦਸੰਬਰ (ਅਜੀਤ ਬਿਊਰੋ)- ਸਾਹਿਬਜ਼ਾਦਿਆਂ ਦੀ ਲਾਸਾਨੀ ਸ਼ਹਾਦਤ ਨੂੰ ਸਮਰਪਿਤ ਸਮਾਗਮ ਦੌਰਾਨ ਵਿਦਿਆਰਥੀਆਂ ਵਲੋਂ ਕਵਿਤਾਵਾਂ, ਭਾਸ਼ਣ ਅਤੇ ਕਵੀਸ਼ਰੀ ਪੇਸ਼ ਕੀਤੀ ਗਈ। ਇਸ ਮੌਕੇ ਸਕੂਲ ਦੇ ਪ੍ਰਿੰਸੀਪਲ ਅਤੇ ਸਟਾਫ਼ ਮੈਂਬਰਾਂ ਨੇ ਵਿਦਿਆਰਥੀਆਂ ਨੂੰ ਗੁਰੂ ਸਾਹਿਬਾਨ ਦੇ ਦਰਸਾਏ ਮਾਰਗ ਉੱਤੇ ਚੱਲਣ ਲਈ ਪ੍ਰੇਰਿਤ ਕੀਤਾ ਅਤੇ ਇਤਿਹਾਸ ਬਾਰੇ ਵਿਸਥਾਰ ਸਹਿਤ ਜਾਣਕਾਰੀ ਦਿੱਤੀ। ਸਮਾਗਮ ਦੇ ਅੰਤ ਵਿਚ ਗੁਰੂ ਕਾ ਲੰਗਰ ਅਤੁੱਟ ਵਰਤਾਇਆ ਗਿਆ ਅਤੇ ਪਤਵੰਤੇ ਸੱਜਣਾਂ ਦਾ ਸਨਮਾਨ ਕੀਤਾ ਗਿਆ। ਇਸ ਮੌਕੇ ਇਲਾਕੇ ਦੀਆਂ ਸੰਗਤਾਂ ਨੇ
ਹੁਸ਼ਿਆਰਪੁਰ, 24 ਦਸੰਬਰ (ਅਜੀਤ ਬਿਊਰੋ)- ਸਾਹਿਬਜ਼ਾਦਿਆਂ ਦੀ ਲਾਸਾਨੀ ਸ਼ਹਾਦਤ ਨੂੰ ਸਮਰਪਿਤ ਸਮਾਗਮ ਦੌਰਾਨ ਵਿਦਿਆਰਥੀਆਂ ਵਲੋਂ ਕਵਿਤਾਵਾਂ, ਭਾਸ਼ਣ ਅਤੇ ਕਵੀਸ਼ਰੀ ਪੇਸ਼ ਕੀਤੀ ਗਈ। ਇਸ ਮੌਕੇ ਸਕੂਲ ਦੇ ਪ੍ਰਿੰਸੀਪਲ ਅਤੇ ਸਟਾਫ਼ ਮੈਂਬਰਾਂ ਨੇ ਵਿਦਿਆਰਥੀਆਂ ਨੂੰ ਗੁਰੂ ਸਾਹਿਬਾਨ ਦੇ ਦਰਸਾਏ ਮਾਰਗ ਉੱਤੇ ਚੱਲਣ ਲਈ ਪ੍ਰੇਰਿਤ ਕੀਤਾ ਅਤੇ ਇਤਿਹਾਸ ਬਾਰੇ ਵਿਸਥਾਰ ਸਹਿਤ ਜਾਣਕਾਰੀ ਦਿੱਤੀ। ਸਮਾਗਮ ਦੇ ਅੰਤ ਵਿਚ ਗੁਰੂ ਕਾ ਲੰਗਰ ਅਤੁੱਟ ਵਰਤਾਇਆ ਗਿਆ ਅਤੇ ਪਤਵੰਤੇ ਸੱਜਣਾਂ ਦਾ ਸਨਮਾਨ ਕੀਤਾ ਗਿਆ। ਇਸ ਮੌਕੇ ਇਲਾਕੇ
ਹੁਸ਼ਿਆਰਪੁਰ, 24 ਦਸੰਬਰ (ਅਜੀਤ ਬਿਊਰੋ)- ਸਾਹਿਬਜ਼ਾਦਿਆਂ ਦੀ ਲਾਸਾਨੀ ਸ਼ਹਾਦਤ ਨੂੰ ਸਮਰਪਿਤ ਸਮਾਗਮ ਦੌਰਾਨ ਵਿਦਿਆਰਥੀਆਂ ਵਲੋਂ ਕਵਿਤਾਵਾਂ, ਭਾਸ਼ਣ ਅਤੇ ਕਵੀਸ਼ਰੀ ਪੇਸ਼ ਕੀਤੀ ਗਈ। ਇਸ ਮੌਕੇ ਸਕੂਲ ਦੇ ਪ੍ਰਿੰਸੀਪਲ ਅਤੇ ਸਟਾਫ਼ ਮੈਂਬਰਾਂ ਨੇ ਵਿਦਿਆਰਥੀਆਂ ਨੂੰ ਗੁਰੂ ਸਾਹਿਬਾਨ ਦੇ ਦਰਸਾਏ ਮਾਰਗ ਉੱਤੇ ਚੱਲਣ ਲਈ ਪ੍ਰੇਰਿਤ ਕੀਤਾ ਅਤੇ ਇਤਿਹਾਸ ਬਾਰੇ ਵਿਸਥਾਰ ਸਹਿਤ ਜਾਣਕਾਰੀ ਦਿੱਤੀ। ਸਮਾਗਮ ਦੇ ਅੰਤ ਵਿਚ ਗੁਰੂ ਕਾ ਲੰਗਰ ਅਤੁੱਟ ਵਰਤਾਇਆ ਗਿਆ ਅਤੇ ਪਤਵੰਤੇ ਸੱਜਣਾਂ ਦਾ ਸਨਮਾਨ ਕੀਤਾ ਗਿਆ। ਇਸ ਮੌਕੇ ਇਲਾਕੇ ਦੀਆਂ ਸੰਗਤਾਂ ਨੇ ਵੱਡੀ ਗਿਣਤੀ ਵਿਚ
ਹੁਸ਼ਿਆਰਪੁਰ, 24 ਦਸੰਬਰ (ਅਜੀਤ ਬਿਊਰੋ)- ਸਾਹਿਬਜ਼ਾਦਿਆਂ ਦੀ ਲਾਸਾਨੀ ਸ਼ਹਾਦਤ ਨੂੰ ਸਮਰਪਿਤ ਸਮਾਗਮ ਦੌਰਾਨ ਵਿਦਿਆਰਥੀਆਂ ਵਲੋਂ ਕਵਿਤਾਵਾਂ, ਭਾਸ਼ਣ ਅਤੇ ਕਵੀਸ਼ਰੀ ਪੇਸ਼ ਕੀਤੀ ਗਈ। ਇਸ ਮੌਕੇ ਸਕੂਲ ਦੇ ਪ੍ਰਿੰਸੀਪਲ ਅਤੇ ਸਟਾਫ਼ ਮੈਂਬਰਾਂ ਨੇ ਵਿਦਿਆਰਥੀਆਂ ਨੂੰ ਗੁਰੂ ਸਾਹਿਬਾਨ ਦੇ ਦਰਸਾਏ ਮਾਰਗ ਉੱਤੇ ਚੱਲਣ ਲਈ ਪ੍ਰੇਰਿਤ ਕੀਤਾ ਅਤੇ ਇਤਿਹਾਸ ਬਾਰੇ ਵਿਸਥਾਰ ਸਹਿਤ ਜਾਣਕਾਰੀ ਦਿੱਤੀ। ਸਮਾਗਮ ਦੇ ਅੰਤ ਵਿਚ ਗੁਰੂ ਕਾ ਲੰਗਰ ਅਤੁੱਟ ਵਰਤਾਇਆ ਗਿਆ ਅਤੇ ਪਤਵੰਤੇ ਸੱਜਣਾਂ ਦਾ ਸਨਮਾਨ ਕੀਤਾ ਗਿਆ। ਇਸ ਮੌਕੇ ਇਲਾਕੇ ਦੀਆਂ ਸੰਗਤਾਂ ਨੇ ਵੱਡੀ ਗਿਣਤੀ ਵਿਚ
ਸ਼ਬਦ ਦੇ ਹਿਤ ਸ਼੍ਰੋਮਣੀ ਅਕਾਲੀ ਦਲ ਦਾ ਰਾਜ ਆਉਣ ਹੀ ਸੁਰੱਖਿਅਤ - ਅਰਵਿੰਦਰ ਰਸੂਲਪੁਰ
ਹੁਸ਼ਿਆਰਪੁਰ, 24 ਦਸੰਬਰ (ਅਜੀਤ ਬਿਊਰੋ)- ਸਾਹਿਬਜ਼ਾਦਿਆਂ ਦੀ ਲਾਸਾਨੀ ਸ਼ਹਾਦਤ ਨੂੰ ਸਮਰਪਿਤ ਸਮਾਗਮ ਦੌਰਾਨ ਵਿਦਿਆਰਥੀਆਂ ਵਲੋਂ ਕਵਿਤਾਵਾਂ, ਭਾਸ਼ਣ ਅਤੇ ਕਵੀਸ਼ਰੀ ਪੇਸ਼ ਕੀਤੀ ਗਈ। ਇਸ ਮੌਕੇ ਸਕੂਲ ਦੇ ਪ੍ਰਿੰਸੀਪਲ ਅਤੇ ਸਟਾਫ਼ ਮੈਂਬਰਾਂ ਨੇ ਵਿਦਿਆਰਥੀਆਂ ਨੂੰ ਗੁਰੂ ਸਾਹਿਬਾਨ ਦੇ ਦਰਸਾਏ ਮਾਰਗ ਉੱਤੇ ਚੱਲਣ ਲਈ ਪ੍ਰੇਰਿਤ ਕੀਤਾ ਅਤੇ ਇਤਿਹਾਸ ਬਾਰੇ ਵਿਸਥਾਰ ਸਹਿਤ ਜਾਣਕਾਰੀ ਦਿੱਤੀ। ਸਮਾਗਮ ਦੇ ਅੰਤ ਵਿਚ ਗੁਰੂ ਕਾ ਲੰਗਰ ਅਤੁੱਟ ਵਰਤਾਇਆ ਗਿਆ ਅਤੇ ਪਤਵੰਤੇ ਸੱਜਣਾਂ ਦਾ ਸਨਮਾਨ ਕੀਤਾ ਗਿਆ। ਇਸ ਮੌਕੇ ਇਲਾਕੇ ਦੀਆਂ ਸੰਗਤਾਂ ਨੇ ਵੱਡੀ ਗਿਣਤੀ ਵਿਚ ਹਾਜ਼ਰੀ ਭਰੀ।
ਹੁਸ਼ਿਆਰਪੁਰ, 24 ਦਸੰਬਰ (ਅਜੀਤ ਬਿਊਰੋ)- ਸਾਹਿਬਜ਼ਾਦਿਆਂ ਦੀ ਲਾਸਾਨੀ ਸ਼ਹਾਦਤ ਨੂੰ ਸਮਰਪਿਤ ਸਮਾਗਮ ਦੌਰਾਨ ਵਿਦਿਆਰਥੀਆਂ ਵਲੋਂ ਕਵਿਤਾਵਾਂ, ਭਾਸ਼ਣ ਅਤੇ ਕਵੀਸ਼ਰੀ ਪੇਸ਼ ਕੀਤੀ ਗਈ। ਇਸ ਮੌਕੇ ਸਕੂਲ ਦੇ ਪ੍ਰਿੰਸੀਪਲ ਅਤੇ ਸਟਾਫ਼ ਮੈਂਬਰਾਂ ਨੇ ਵਿਦਿਆਰਥੀਆਂ ਨੂੰ ਗੁਰੂ ਸਾਹਿਬਾਨ ਦੇ ਦਰਸਾਏ ਮਾਰਗ ਉੱਤੇ ਚੱਲਣ ਲਈ ਪ੍ਰੇਰਿਤ ਕੀਤਾ ਅਤੇ ਇਤਿਹਾਸ ਬਾਰੇ ਵਿਸਥਾਰ ਸਹਿਤ ਜਾਣਕਾਰੀ ਦਿੱਤੀ। ਸਮਾਗਮ ਦੇ ਅੰਤ ਵਿਚ ਗੁਰੂ ਕਾ ਲੰਗਰ ਅਤੁੱਟ ਵਰਤਾਇਆ ਗਿਆ ਅਤੇ ਪਤਵੰਤੇ ਸੱਜਣਾਂ ਦਾ ਸਨਮਾਨ ਕੀਤਾ ਗਿਆ। ਇਸ ਮੌਕੇ ਇਲਾਕੇ ਦੀਆਂ ਸੰਗਤਾਂ ਨੇ ਵੱਡੀ ਗਿਣਤੀ ਵਿਚ ਹਾਜ਼ਰੀ ਭਰੀ।
ਸ਼ਹੀਦੀ ਦਿਹਾੜੇ ਮੌਕੇ ਸਕੂਲ ਦੇ ਵਿਦਿਆਰਥੀ ਇਕੱਠੇ ਹੋਏ।
ਇੰਟਰਨੈਸ਼ਨਲ ਪਬਲਿਕ ਸਕੂਲ ਗੜ੍ਹਸ਼ੰਕਰ ਵਿਖੇ ਸ਼ਹੀਦੀ ਹਫ਼ਤੇ ਨੂੰ ਸਮਰਪਿਤ ਸਮਾਗਮ
ਹੁਸ਼ਿਆਰਪੁਰ, 24 ਦਸੰਬਰ (ਅਜੀਤ ਬਿਊਰੋ)- ਸਾਹਿਬਜ਼ਾਦਿਆਂ ਦੀ ਲਾਸਾਨੀ ਸ਼ਹਾਦਤ ਨੂੰ ਸਮਰਪਿਤ ਸਮਾਗਮ ਦੌਰਾਨ ਵਿਦਿਆਰਥੀਆਂ ਵਲੋਂ ਕਵਿਤਾਵਾਂ, ਭਾਸ਼ਣ ਅਤੇ ਕਵੀਸ਼ਰੀ ਪੇਸ਼ ਕੀਤੀ ਗਈ। ਇਸ ਮੌਕੇ ਸਕੂਲ ਦੇ ਪ੍ਰਿੰਸੀਪਲ ਅਤੇ ਸਟਾਫ਼ ਮੈਂਬਰਾਂ ਨੇ ਵਿਦਿਆਰਥੀਆਂ ਨੂੰ ਗੁਰੂ ਸਾਹਿਬਾਨ ਦੇ ਦਰਸਾਏ ਮਾਰਗ ਉੱਤੇ ਚੱਲਣ ਲਈ ਪ੍ਰੇਰਿਤ ਕੀਤਾ ਅਤੇ ਇਤਿਹਾਸ ਬਾਰੇ ਵਿਸਥਾਰ ਸਹਿਤ ਜਾਣਕਾਰੀ ਦਿੱਤੀ। ਸਮਾਗਮ ਦੇ ਅੰਤ ਵਿਚ ਗੁਰੂ ਕਾ ਲੰਗਰ ਅਤੁੱਟ ਵਰਤਾਇਆ ਗਿਆ ਅਤੇ ਪਤਵੰਤੇ ਸੱਜਣਾਂ ਦਾ ਸਨਮਾਨ ਕੀਤਾ ਗਿਆ। ਇਸ
ਹੁਸ਼ਿਆਰਪੁਰ, 24 ਦਸੰਬਰ (ਅਜੀਤ ਬਿਊਰੋ)- ਸਾਹਿਬਜ਼ਾਦਿਆਂ ਦੀ ਲਾਸਾਨੀ ਸ਼ਹਾਦਤ ਨੂੰ ਸਮਰਪਿਤ ਸਮਾਗਮ ਦੌਰਾਨ ਵਿਦਿਆਰਥੀਆਂ ਵਲੋਂ ਕਵਿਤਾਵਾਂ, ਭਾਸ਼ਣ ਅਤੇ ਕਵੀਸ਼ਰੀ ਪੇਸ਼ ਕੀਤੀ ਗਈ। ਇਸ ਮੌਕੇ ਸਕੂਲ ਦੇ ਪ੍ਰਿੰਸੀਪਲ ਅਤੇ ਸਟਾਫ਼ ਮੈਂਬਰਾਂ ਨੇ ਵਿਦਿਆਰਥੀਆਂ ਨੂੰ ਗੁਰੂ ਸਾਹਿਬਾਨ ਦੇ ਦਰਸਾਏ ਮਾਰਗ ਉੱਤੇ ਚੱਲਣ ਲਈ ਪ੍ਰੇਰਿਤ ਕੀਤਾ ਅਤੇ ਇਤਿਹਾਸ ਬਾਰੇ ਵਿਸਥਾਰ ਸਹਿਤ ਜਾਣਕਾਰੀ ਦਿੱਤੀ। ਸਮਾਗਮ ਦੇ ਅੰਤ ਵਿਚ ਗੁਰੂ ਕਾ ਲੰਗਰ ਅਤੁੱਟ ਵਰਤਾਇਆ ਗਿਆ ਅਤੇ ਪਤਵੰਤੇ ਸੱਜਣਾਂ ਦਾ ਸਨਮਾਨ ਕੀਤਾ ਗਿਆ। ਇਸ ਮੌਕੇ ਇਲਾਕੇ ਦੀਆਂ ਸੰਗਤਾਂ ਨੇ ਵੱਡੀ ਗਿਣਤੀ ਵਿਚ ਹਾਜ਼ਰੀ ਭਰੀ।
ਬਾਬਾ ਗੁਰਪਾਲ ਸਿੰਘ ਦੀ ਯਾਦ 'ਚ ਧਾਰਮਿਕ ਸਮਾਗਮ
ਹੁਸ਼ਿਆਰਪੁਰ, 24 ਦਸੰਬਰ (ਅਜੀਤ ਬਿਊਰੋ)- ਸਾਹਿਬਜ਼ਾਦਿਆਂ ਦੀ ਲਾਸਾਨੀ ਸ਼ਹਾਦਤ ਨੂੰ ਸਮਰਪਿਤ ਸਮਾਗਮ ਦੌਰਾਨ ਵਿਦਿਆਰਥੀਆਂ ਵਲੋਂ ਕਵਿਤਾਵਾਂ, ਭਾਸ਼ਣ ਅਤੇ ਕਵੀਸ਼ਰੀ ਪੇਸ਼ ਕੀਤੀ ਗਈ। ਇਸ ਮੌਕੇ ਸਕੂਲ ਦੇ ਪ੍ਰਿੰਸੀਪਲ ਅਤੇ ਸਟਾਫ਼ ਮੈਂਬਰਾਂ ਨੇ ਵਿਦਿਆਰਥੀਆਂ ਨੂੰ ਗੁਰੂ ਸਾਹਿਬਾਨ ਦੇ ਦਰਸਾਏ ਮਾਰਗ ਉੱਤੇ ਚੱਲਣ ਲਈ ਪ੍ਰੇਰਿਤ ਕੀਤਾ ਅਤੇ ਇਤਿਹਾਸ ਬਾਰੇ ਵਿਸਥਾਰ ਸਹਿਤ ਜਾਣਕਾਰੀ ਦਿੱਤੀ। ਸਮਾਗਮ ਦੇ ਅੰਤ ਵਿਚ ਗੁਰੂ ਕਾ ਲੰਗਰ ਅਤੁੱਟ ਵਰਤਾਇਆ ਗਿਆ ਅਤੇ ਪਤਵੰਤੇ ਸੱਜਣਾਂ ਦਾ ਸਨਮਾਨ ਕੀਤਾ ਗਿਆ। ਇਸ ਮੌਕੇ ਇਲਾਕੇ ਦੀਆਂ ਸੰਗਤਾਂ ਨੇ ਵੱਡੀ ਗਿਣਤੀ ਵਿਚ ਹਾਜ਼ਰੀ ਭਰੀ।
CMYK	CMYK
